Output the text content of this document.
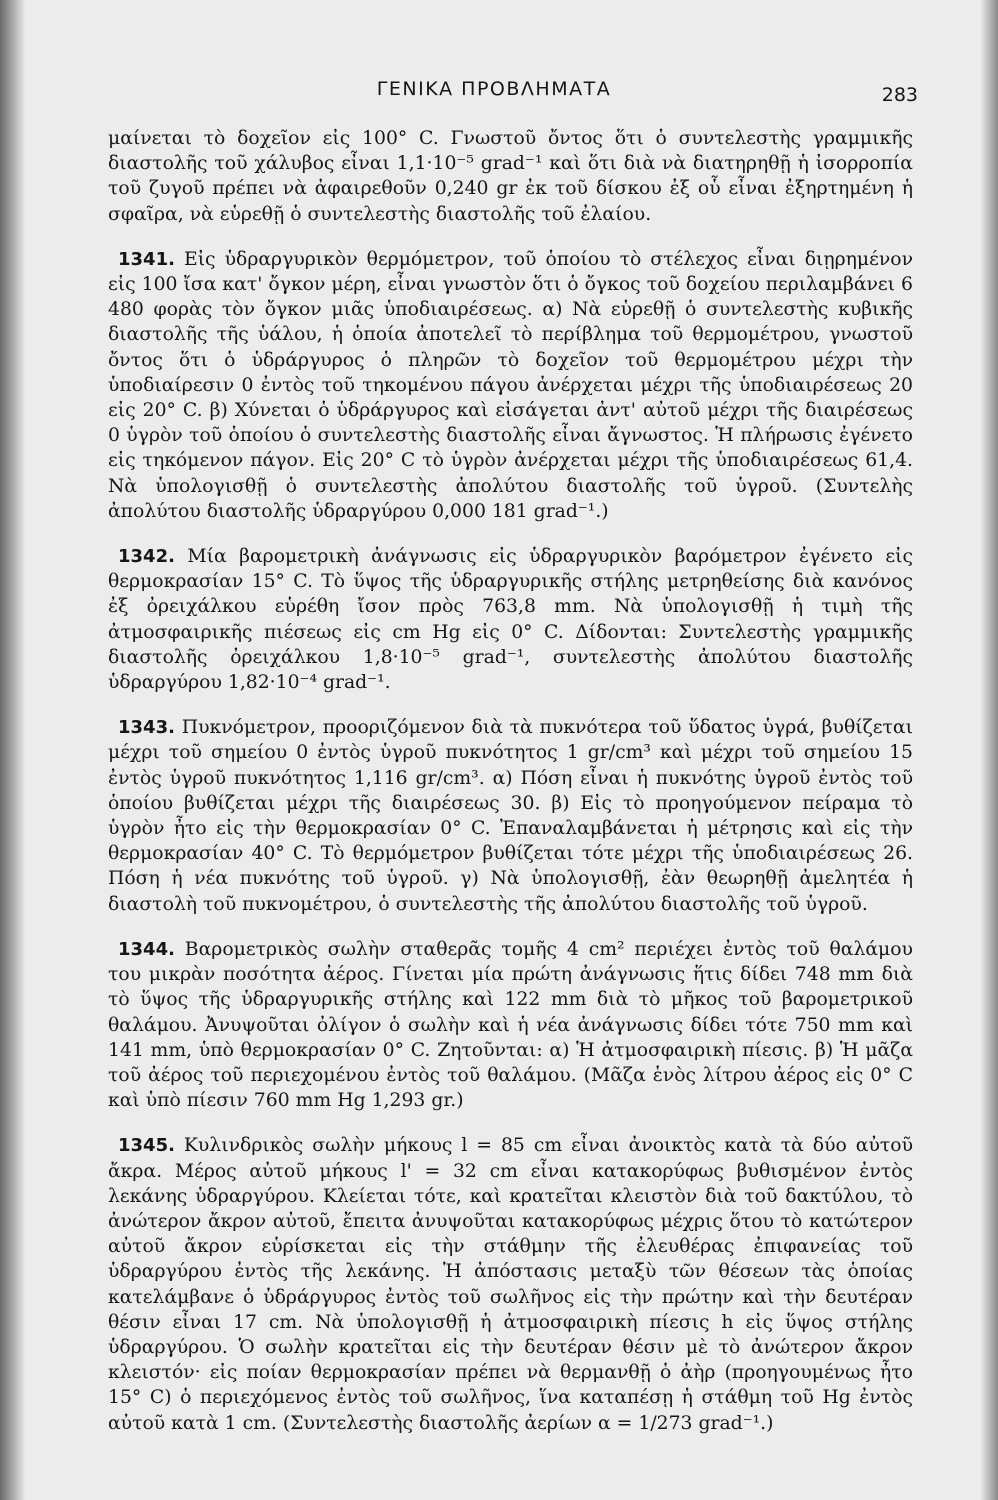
ΓΕΝΙΚΑ ΠΡΟΒΛΗΜΑΤΑ	283

μαίνεται τὸ δοχεῖον εἰς 100° C. Γνωστοῦ ὄντος ὅτι ὁ συντελεστὴς γραμμικῆς διαστολῆς τοῦ χάλυβος εἶναι 1,1·10⁻⁵ grad⁻¹ καὶ ὅτι διὰ νὰ διατηρηθῇ ἡ ἰσορροπία τοῦ ζυγοῦ πρέπει νὰ ἀφαιρεθοῦν 0,240 gr ἐκ τοῦ δίσκου ἐξ οὗ εἶναι ἐξηρτημένη ἡ σφαῖρα, νὰ εὑρεθῇ ὁ συντελεστὴς διαστολῆς τοῦ ἐλαίου.

1341. Εἰς ὑδραργυρικὸν θερμόμετρον, τοῦ ὁποίου τὸ στέλεχος εἶναι διῃρημένον εἰς 100 ἴσα κατ' ὄγκον μέρη, εἶναι γνωστὸν ὅτι ὁ ὄγκος τοῦ δοχείου περιλαμβάνει 6 480 φορὰς τὸν ὄγκον μιᾶς ὑποδιαιρέσεως. α) Νὰ εὑρεθῇ ὁ συντελεστὴς κυβικῆς διαστολῆς τῆς ὑάλου, ἡ ὁποία ἀποτελεῖ τὸ περίβλημα τοῦ θερμομέτρου, γνωστοῦ ὄντος ὅτι ὁ ὑδράργυρος ὁ πληρῶν τὸ δοχεῖον τοῦ θερμομέτρου μέχρι τὴν ὑποδιαίρεσιν 0 ἐντὸς τοῦ τηκομένου πάγου ἀνέρχεται μέχρι τῆς ὑποδιαιρέσεως 20 εἰς 20° C. β) Χύνεται ὁ ὑδράργυρος καὶ εἰσάγεται ἀντ' αὐτοῦ μέχρι τῆς διαιρέσεως 0 ὑγρὸν τοῦ ὁποίου ὁ συντελεστὴς διαστολῆς εἶναι ἄγνωστος. Ἡ πλήρωσις ἐγένετο εἰς τηκόμενον πάγον. Εἰς 20° C τὸ ὑγρὸν ἀνέρχεται μέχρι τῆς ὑποδιαιρέσεως 61,4. Νὰ ὑπολογισθῇ ὁ συντελεστὴς ἀπολύτου διαστολῆς τοῦ ὑγροῦ. (Συντελὴς ἀπολύτου διαστολῆς ὑδραργύρου 0,000 181 grad⁻¹.)

1342. Μία βαρομετρικὴ ἀνάγνωσις εἰς ὑδραργυρικὸν βαρόμετρον ἐγένετο εἰς θερμοκρασίαν 15° C. Τὸ ὕψος τῆς ὑδραργυρικῆς στήλης μετρηθείσης διὰ κανόνος ἐξ ὀρειχάλκου εὑρέθη ἴσον πρὸς 763,8 mm. Νὰ ὑπολογισθῇ ἡ τιμὴ τῆς ἀτμοσφαιρικῆς πιέσεως εἰς cm Hg εἰς 0° C. Δίδονται: Συντελεστὴς γραμμικῆς διαστολῆς ὀρειχάλκου 1,8·10⁻⁵ grad⁻¹, συντελεστὴς ἀπολύτου διαστολῆς ὑδραργύρου 1,82·10⁻⁴ grad⁻¹.

1343. Πυκνόμετρον, προοριζόμενον διὰ τὰ πυκνότερα τοῦ ὕδατος ὑγρά, βυθίζεται μέχρι τοῦ σημείου 0 ἐντὸς ὑγροῦ πυκνότητος 1 gr/cm³ καὶ μέχρι τοῦ σημείου 15 ἐντὸς ὑγροῦ πυκνότητος 1,116 gr/cm³. α) Πόση εἶναι ἡ πυκνότης ὑγροῦ ἐντὸς τοῦ ὁποίου βυθίζεται μέχρι τῆς διαιρέσεως 30. β) Εἰς τὸ προηγούμενον πείραμα τὸ ὑγρὸν ἦτο εἰς τὴν θερμοκρασίαν 0° C. Ἐπαναλαμβάνεται ἡ μέτρησις καὶ εἰς τὴν θερμοκρασίαν 40° C. Τὸ θερμόμετρον βυθίζεται τότε μέχρι τῆς ὑποδιαιρέσεως 26. Πόση ἡ νέα πυκνότης τοῦ ὑγροῦ. γ) Νὰ ὑπολογισθῇ, ἐὰν θεωρηθῇ ἀμελητέα ἡ διαστολὴ τοῦ πυκνομέτρου, ὁ συντελεστὴς τῆς ἀπολύτου διαστολῆς τοῦ ὑγροῦ.

1344. Βαρομετρικὸς σωλὴν σταθερᾶς τομῆς 4 cm² περιέχει ἐντὸς τοῦ θαλάμου του μικρὰν ποσότητα ἀέρος. Γίνεται μία πρώτη ἀνάγνωσις ἥτις δίδει 748 mm διὰ τὸ ὕψος τῆς ὑδραργυρικῆς στήλης καὶ 122 mm διὰ τὸ μῆκος τοῦ βαρομετρικοῦ θαλάμου. Ἀνυψοῦται ὀλίγον ὁ σωλὴν καὶ ἡ νέα ἀνάγνωσις δίδει τότε 750 mm καὶ 141 mm, ὑπὸ θερμοκρασίαν 0° C. Ζητοῦνται: α) Ἡ ἀτμοσφαιρικὴ πίεσις. β) Ἡ μᾶζα τοῦ ἀέρος τοῦ περιεχομένου ἐντὸς τοῦ θαλάμου. (Μᾶζα ἑνὸς λίτρου ἀέρος εἰς 0° C καὶ ὑπὸ πίεσιν 760 mm Hg 1,293 gr.)

1345. Κυλινδρικὸς σωλὴν μήκους l = 85 cm εἶναι ἀνοικτὸς κατὰ τὰ δύο αὐτοῦ ἄκρα. Μέρος αὐτοῦ μήκους l' = 32 cm εἶναι κατακορύφως βυθισμένον ἐντὸς λεκάνης ὑδραργύρου. Κλείεται τότε, καὶ κρατεῖται κλειστὸν διὰ τοῦ δακτύλου, τὸ ἀνώτερον ἄκρον αὐτοῦ, ἔπειτα ἀνυψοῦται κατακορύφως μέχρις ὅτου τὸ κατώτερον αὐτοῦ ἄκρον εὑρίσκεται εἰς τὴν στάθμην τῆς ἐλευθέρας ἐπιφανείας τοῦ ὑδραργύρου ἐντὸς τῆς λεκάνης. Ἡ ἀπόστασις μεταξὺ τῶν θέσεων τὰς ὁποίας κατελάμβανε ὁ ὑδράργυρος ἐντὸς τοῦ σωλῆνος εἰς τὴν πρώτην καὶ τὴν δευτέραν θέσιν εἶναι 17 cm. Νὰ ὑπολογισθῇ ἡ ἀτμοσφαιρικὴ πίεσις h εἰς ὕψος στήλης ὑδραργύρου. Ὁ σωλὴν κρατεῖται εἰς τὴν δευτέραν θέσιν μὲ τὸ ἀνώτερον ἄκρον κλειστόν· εἰς ποίαν θερμοκρασίαν πρέπει νὰ θερμανθῇ ὁ ἀὴρ (προηγουμένως ἦτο 15° C) ὁ περιεχόμενος ἐντὸς τοῦ σωλῆνος, ἵνα καταπέσῃ ἡ στάθμη τοῦ Hg ἐντὸς αὐτοῦ κατὰ 1 cm. (Συντελεστὴς διαστολῆς ἀερίων α = 1/273 grad⁻¹.)
